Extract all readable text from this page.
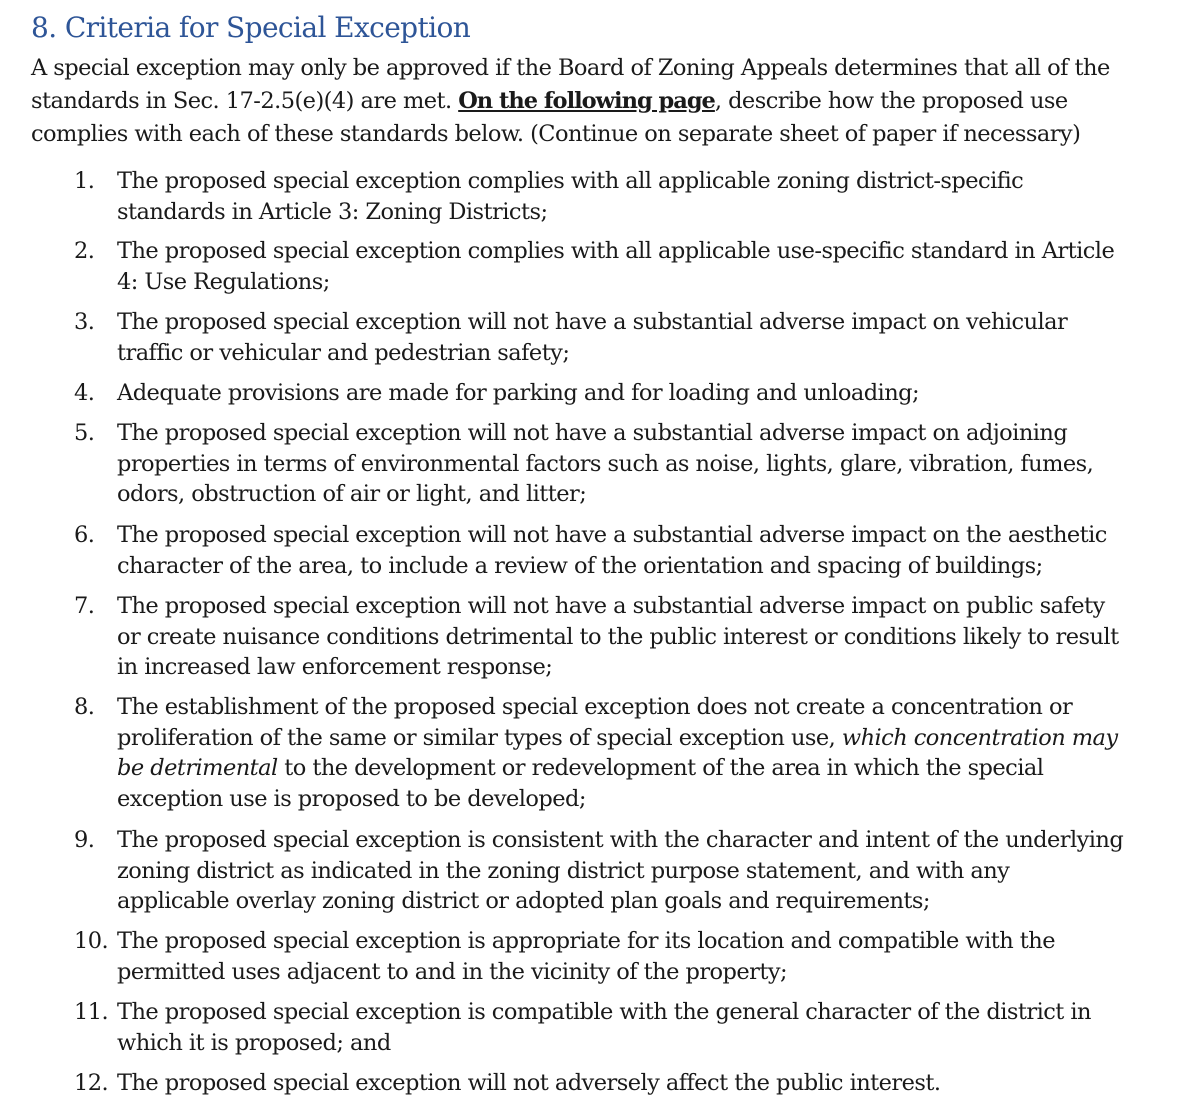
8. Criteria for Special Exception

A special exception may only be approved if the Board of Zoning Appeals determines that all of the
standards in Sec. 17-2.5(e)(4) are met. On the following page, describe how the proposed use
complies with each of these standards below. (Continue on separate sheet of paper if necessary)

1. The proposed special exception complies with all applicable zoning district-specific
standards in Article 3: Zoning Districts;
2. The proposed special exception complies with all applicable use-specific standard in Article
4: Use Regulations;
3. The proposed special exception will not have a substantial adverse impact on vehicular
traffic or vehicular and pedestrian safety;
4. Adequate provisions are made for parking and for loading and unloading;
5. The proposed special exception will not have a substantial adverse impact on adjoining
properties in terms of environmental factors such as noise, lights, glare, vibration, fumes,
odors, obstruction of air or light, and litter;
6. The proposed special exception will not have a substantial adverse impact on the aesthetic
character of the area, to include a review of the orientation and spacing of buildings;
7. The proposed special exception will not have a substantial adverse impact on public safety
or create nuisance conditions detrimental to the public interest or conditions likely to result
in increased law enforcement response;
8. The establishment of the proposed special exception does not create a concentration or
proliferation of the same or similar types of special exception use, which concentration may
be detrimental to the development or redevelopment of the area in which the special
exception use is proposed to be developed;
9. The proposed special exception is consistent with the character and intent of the underlying
zoning district as indicated in the zoning district purpose statement, and with any
applicable overlay zoning district or adopted plan goals and requirements;
10. The proposed special exception is appropriate for its location and compatible with the
permitted uses adjacent to and in the vicinity of the property;
11. The proposed special exception is compatible with the general character of the district in
which it is proposed; and
12. The proposed special exception will not adversely affect the public interest.
